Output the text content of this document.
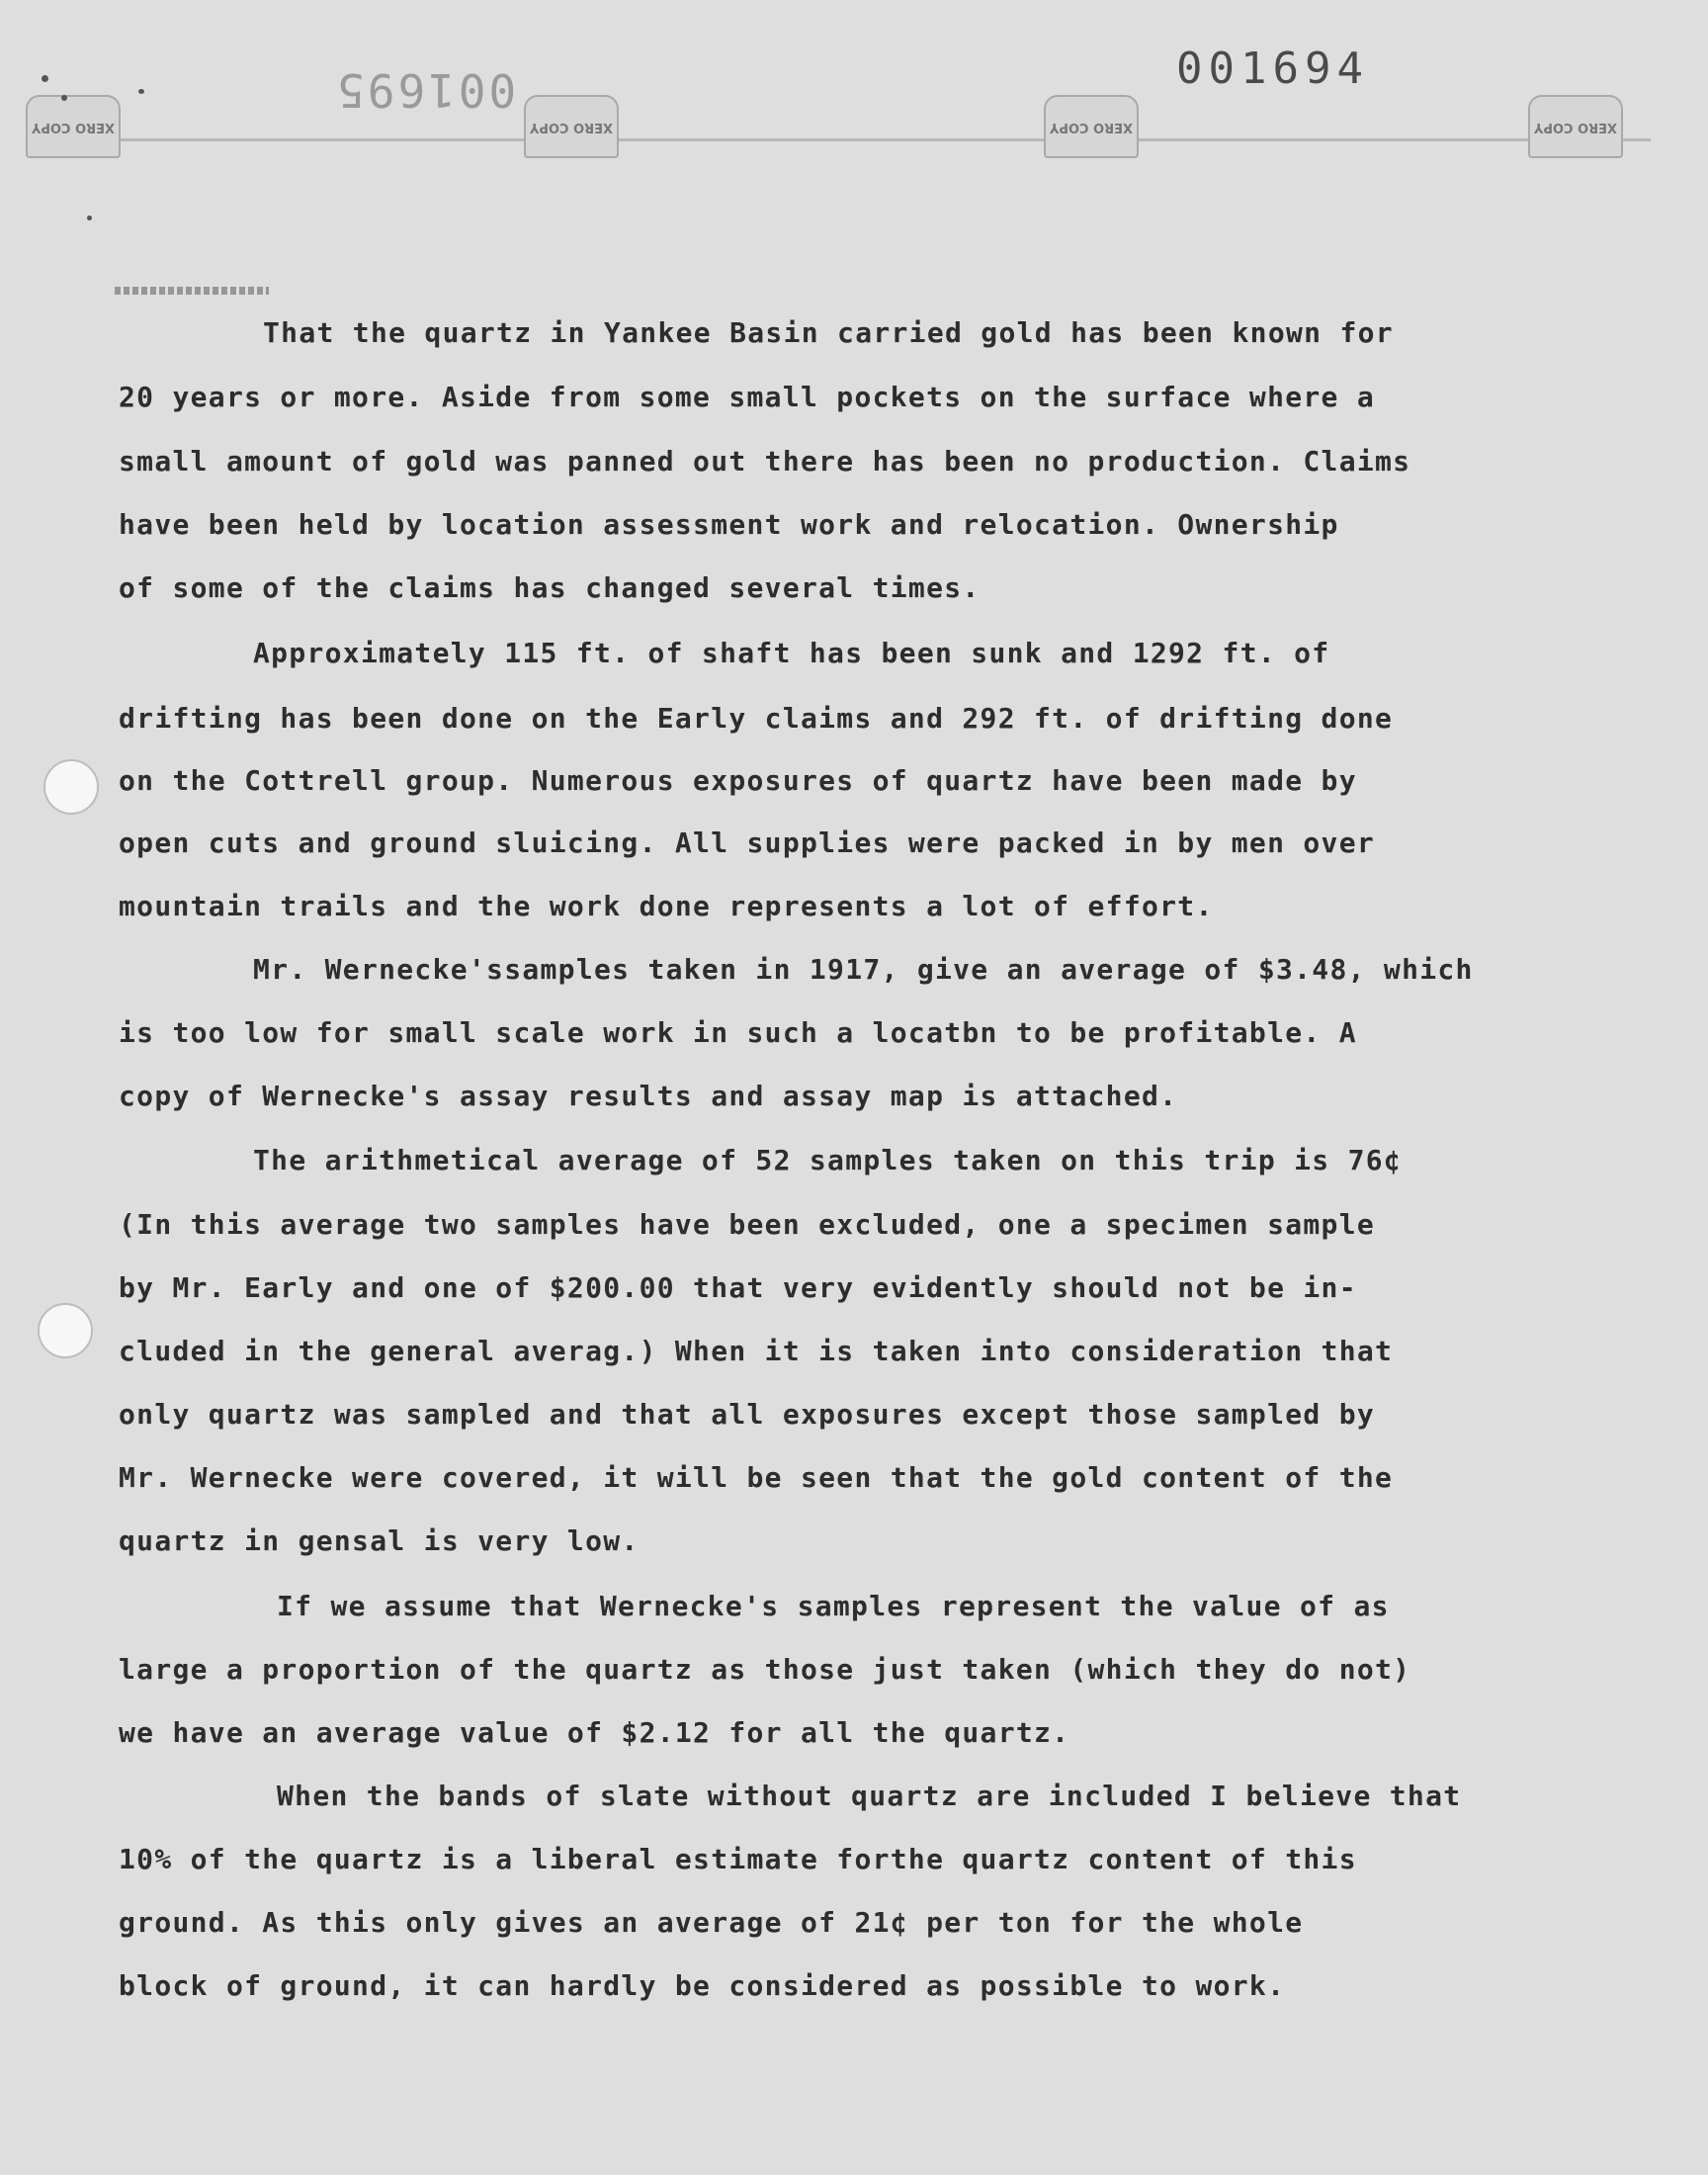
XERO COPY	XERO COPY	XERO COPY	XERO COPY
001695	001694
That the quartz in Yankee Basin carried gold has been known for
20 years or more. Aside from some small pockets on the surface where a
small amount of gold was panned out there has been no production. Claims
have been held by location assessment work and relocation. Ownership
of some of the claims has changed several times.
Approximately 115 ft. of shaft has been sunk and 1292 ft. of
drifting has been done on the Early claims and 292 ft. of drifting done
on the Cottrell group. Numerous exposures of quartz have been made by
open cuts and ground sluicing. All supplies were packed in by men over
mountain trails and the work done represents a lot of effort.
Mr. Wernecke'ssamples taken in 1917, give an average of $3.48, which
is too low for small scale work in such a locatbn to be profitable. A
copy of Wernecke's assay results and assay map is attached.
The arithmetical average of 52 samples taken on this trip is 76¢
(In this average two samples have been excluded, one a specimen sample
by Mr. Early and one of $200.00 that very evidently should not be in-
cluded in the general averag.) When it is taken into consideration that
only quartz was sampled and that all exposures except those sampled by
Mr. Wernecke were covered, it will be seen that the gold content of the
quartz in gensal is very low.
If we assume that Wernecke's samples represent the value of as
large a proportion of the quartz as those just taken (which they do not)
we have an average value of $2.12 for all the quartz.
When the bands of slate without quartz are included I believe that
10% of the quartz is a liberal estimate forthe quartz content of this
ground. As this only gives an average of 21¢ per ton for the whole
block of ground, it can hardly be considered as possible to work.
